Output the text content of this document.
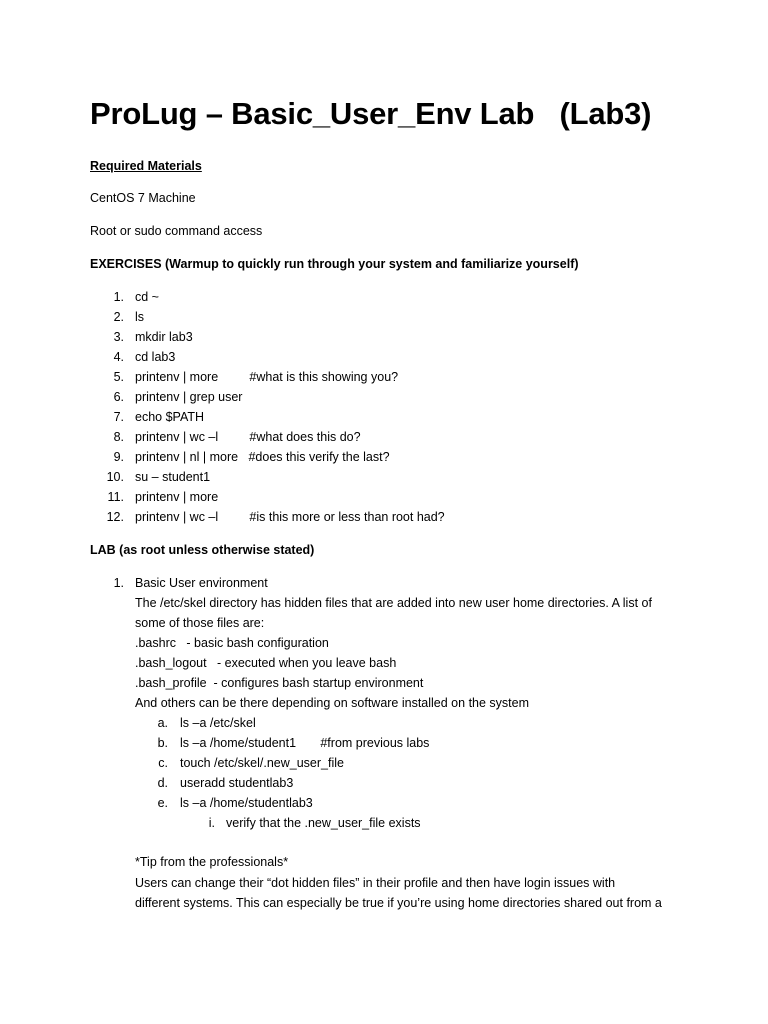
ProLug – Basic_User_Env Lab   (Lab3)
Required Materials
CentOS 7 Machine
Root or sudo command access
EXERCISES (Warmup to quickly run through your system and familiarize yourself)
1. cd ~
2. ls
3. mkdir lab3
4. cd lab3
5. printenv | more         #what is this showing you?
6. printenv | grep user
7. echo $PATH
8. printenv | wc –l         #what does this do?
9. printenv | nl | more   #does this verify the last?
10. su – student1
11. printenv | more
12. printenv | wc –l         #is this more or less than root had?
LAB (as root unless otherwise stated)
1. Basic User environment
The /etc/skel directory has hidden files that are added into new user home directories. A list of
some of those files are:
.bashrc   - basic bash configuration
.bash_logout   - executed when you leave bash
.bash_profile  - configures bash startup environment
And others can be there depending on software installed on the system
a. ls –a /etc/skel
b. ls –a /home/student1       #from previous labs
c. touch /etc/skel/.new_user_file
d. useradd studentlab3
e. ls –a /home/studentlab3
i. verify that the .new_user_file exists
*Tip from the professionals*
Users can change their “dot hidden files” in their profile and then have login issues with
different systems. This can especially be true if you’re using home directories shared out from a
